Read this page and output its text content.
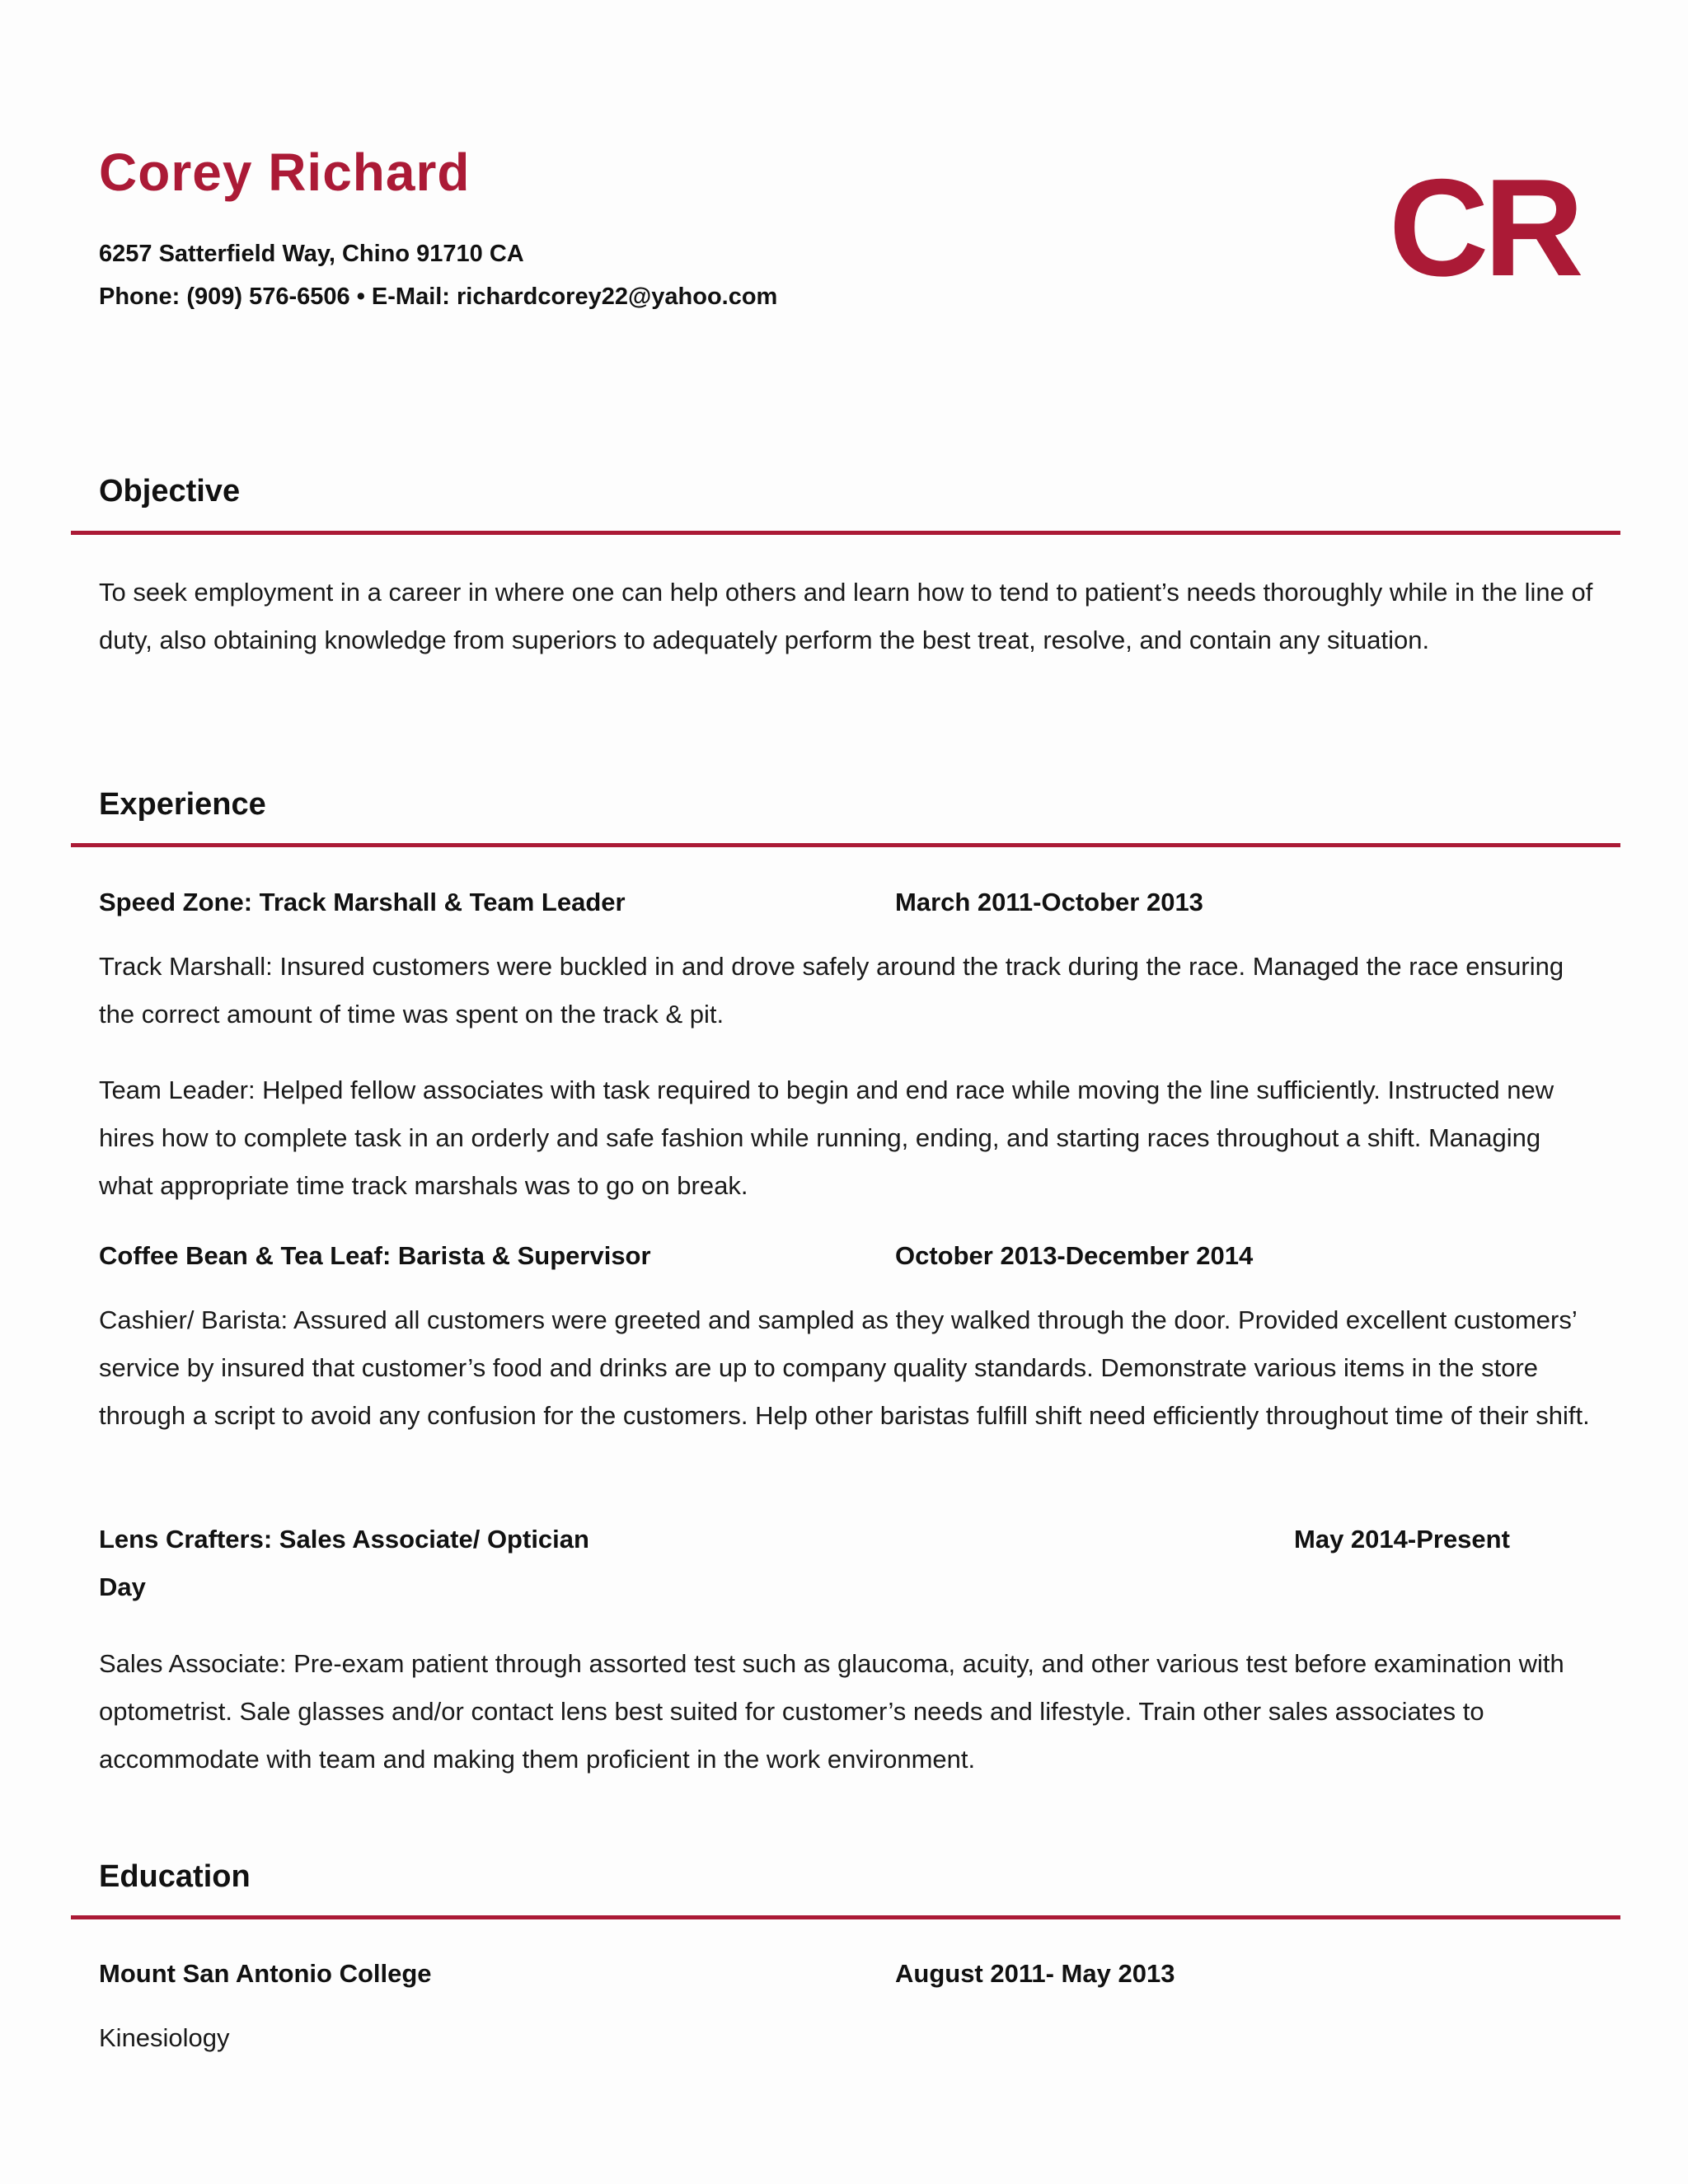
Corey Richard	CR
6257 Satterfield Way, Chino 91710 CA
Phone: (909) 576-6506 • E-Mail: richardcorey22@yahoo.com
Objective
To seek employment in a career in where one can help others and learn how to tend to patient’s needs thoroughly while in the line of duty, also obtaining knowledge from superiors to adequately perform the best treat, resolve, and contain any situation.
Experience
Speed Zone: Track Marshall & Team Leader	March 2011-October 2013
Track Marshall: Insured customers were buckled in and drove safely around the track during the race. Managed the race ensuring the correct amount of time was spent on the track & pit.
Team Leader: Helped fellow associates with task required to begin and end race while moving the line sufficiently. Instructed new hires how to complete task in an orderly and safe fashion while running, ending, and starting races throughout a shift. Managing what appropriate time track marshals was to go on break.
Coffee Bean & Tea Leaf: Barista & Supervisor	October 2013-December 2014
Cashier/ Barista: Assured all customers were greeted and sampled as they walked through the door. Provided excellent customers’ service by insured that customer’s food and drinks are up to company quality standards. Demonstrate various items in the store through a script to avoid any confusion for the customers. Help other baristas fulfill shift need efficiently throughout time of their shift.
Lens Crafters: Sales Associate/ Optician	May 2014-Present
Day
Sales Associate: Pre-exam patient through assorted test such as glaucoma, acuity, and other various test before examination with optometrist. Sale glasses and/or contact lens best suited for customer’s needs and lifestyle. Train other sales associates to accommodate with team and making them proficient in the work environment.
Education
Mount San Antonio College	August 2011- May 2013
Kinesiology
